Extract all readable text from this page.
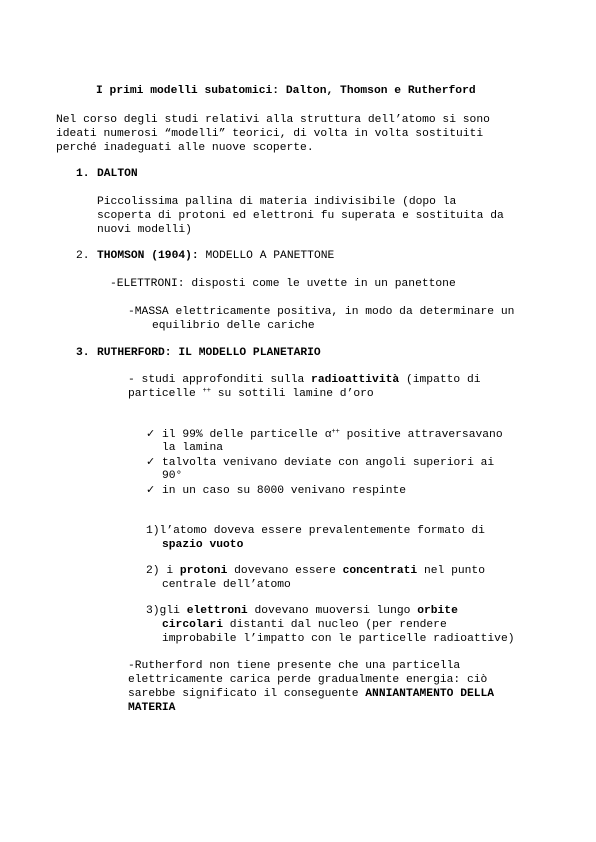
I primi modelli subatomici: Dalton, Thomson e Rutherford
Nel corso degli studi relativi alla struttura dell’atomo si sono
ideati numerosi “modelli” teorici, di volta in volta sostituiti
perché inadeguati alle nuove scoperte.
1. DALTON
Piccolissima pallina di materia indivisibile (dopo la
scoperta di protoni ed elettroni fu superata e sostituita da
nuovi modelli)
2. THOMSON (1904): MODELLO A PANETTONE
-ELETTRONI: disposti come le uvette in un panettone
-MASSA elettricamente positiva, in modo da determinare un
equilibrio delle cariche
3. RUTHERFORD: IL MODELLO PLANETARIO
- studi approfonditi sulla radioattività (impatto di
particelle ++ su sottili lamine d’oro
✓ il 99% delle particelle α++ positive attraversavano
la lamina
✓ talvolta venivano deviate con angoli superiori ai
90°
✓ in un caso su 8000 venivano respinte
1)l’atomo doveva essere prevalentemente formato di
spazio vuoto
2) i protoni dovevano essere concentrati nel punto
centrale dell’atomo
3)gli elettroni dovevano muoversi lungo orbite
circolari distanti dal nucleo (per rendere
improbabile l’impatto con le particelle radioattive)
-Rutherford non tiene presente che una particella
elettricamente carica perde gradualmente energia: ciò
sarebbe significato il conseguente ANNIANTAMENTO DELLA
MATERIA
